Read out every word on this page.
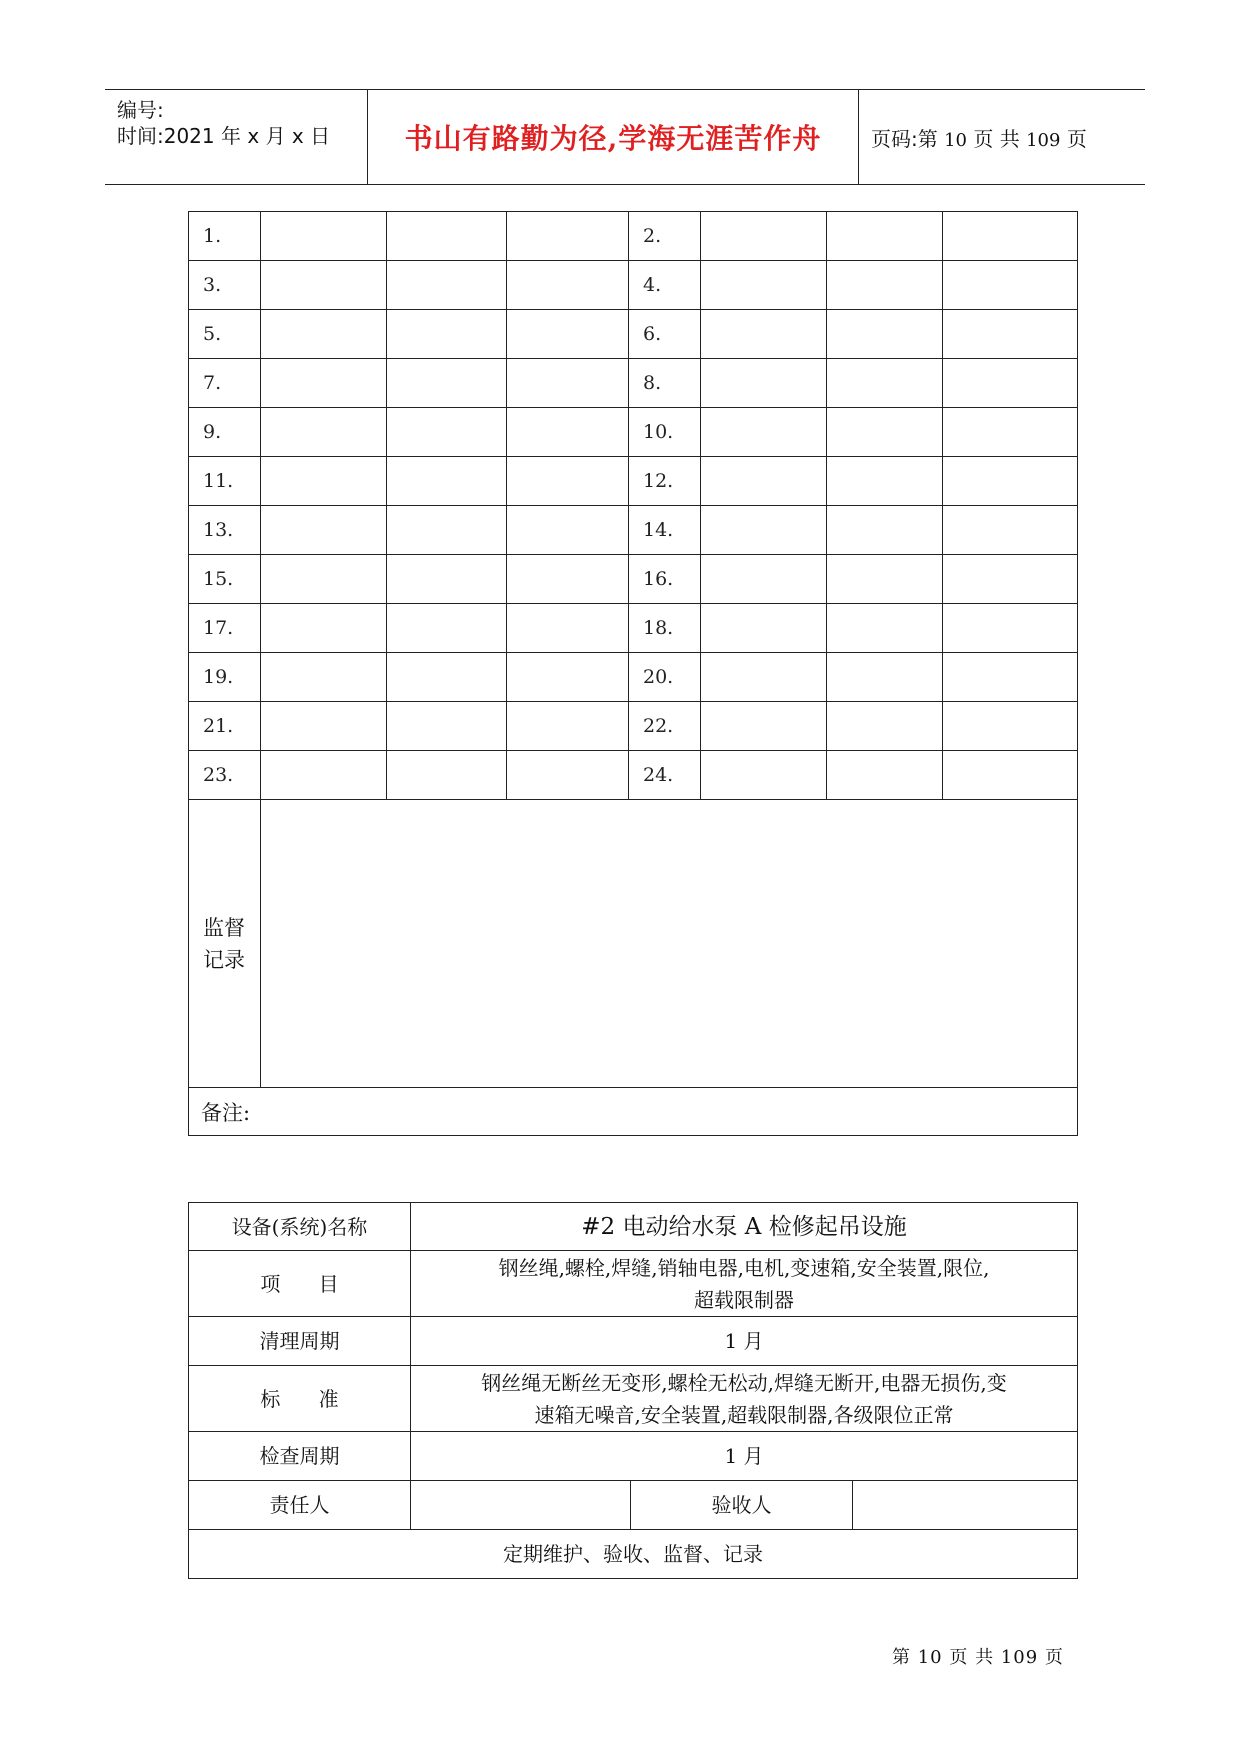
编号:
时间:2021 年 x 月 x 日	书山有路勤为径,学海无涯苦作舟 页码:第 10 页 共 109 页
1.				2.			
3.				4.			
5.				6.			
7.				8.			
9.				10.			
11.				12.			
13.				14.			
15.				16.			
17.				18.			
19.				20.			
21.				22.			
23.				24.			
监督
记录							
备注:							
设备(系统)名称	#2 电动给水泵 A 检修起吊设施		
项      目	钢丝绳,螺栓,焊缝,销轴电器,电机,变速箱,安全装置,限位,
超载限制器		
清理周期	1 月		
标      准	钢丝绳无断丝无变形,螺栓无松动,焊缝无断开,电器无损伤,变
速箱无噪音,安全装置,超载限制器,各级限位正常		
检查周期	1 月		
责任人		验收人	
定期维护、验收、监督、记录			
第 10 页 共 109 页
